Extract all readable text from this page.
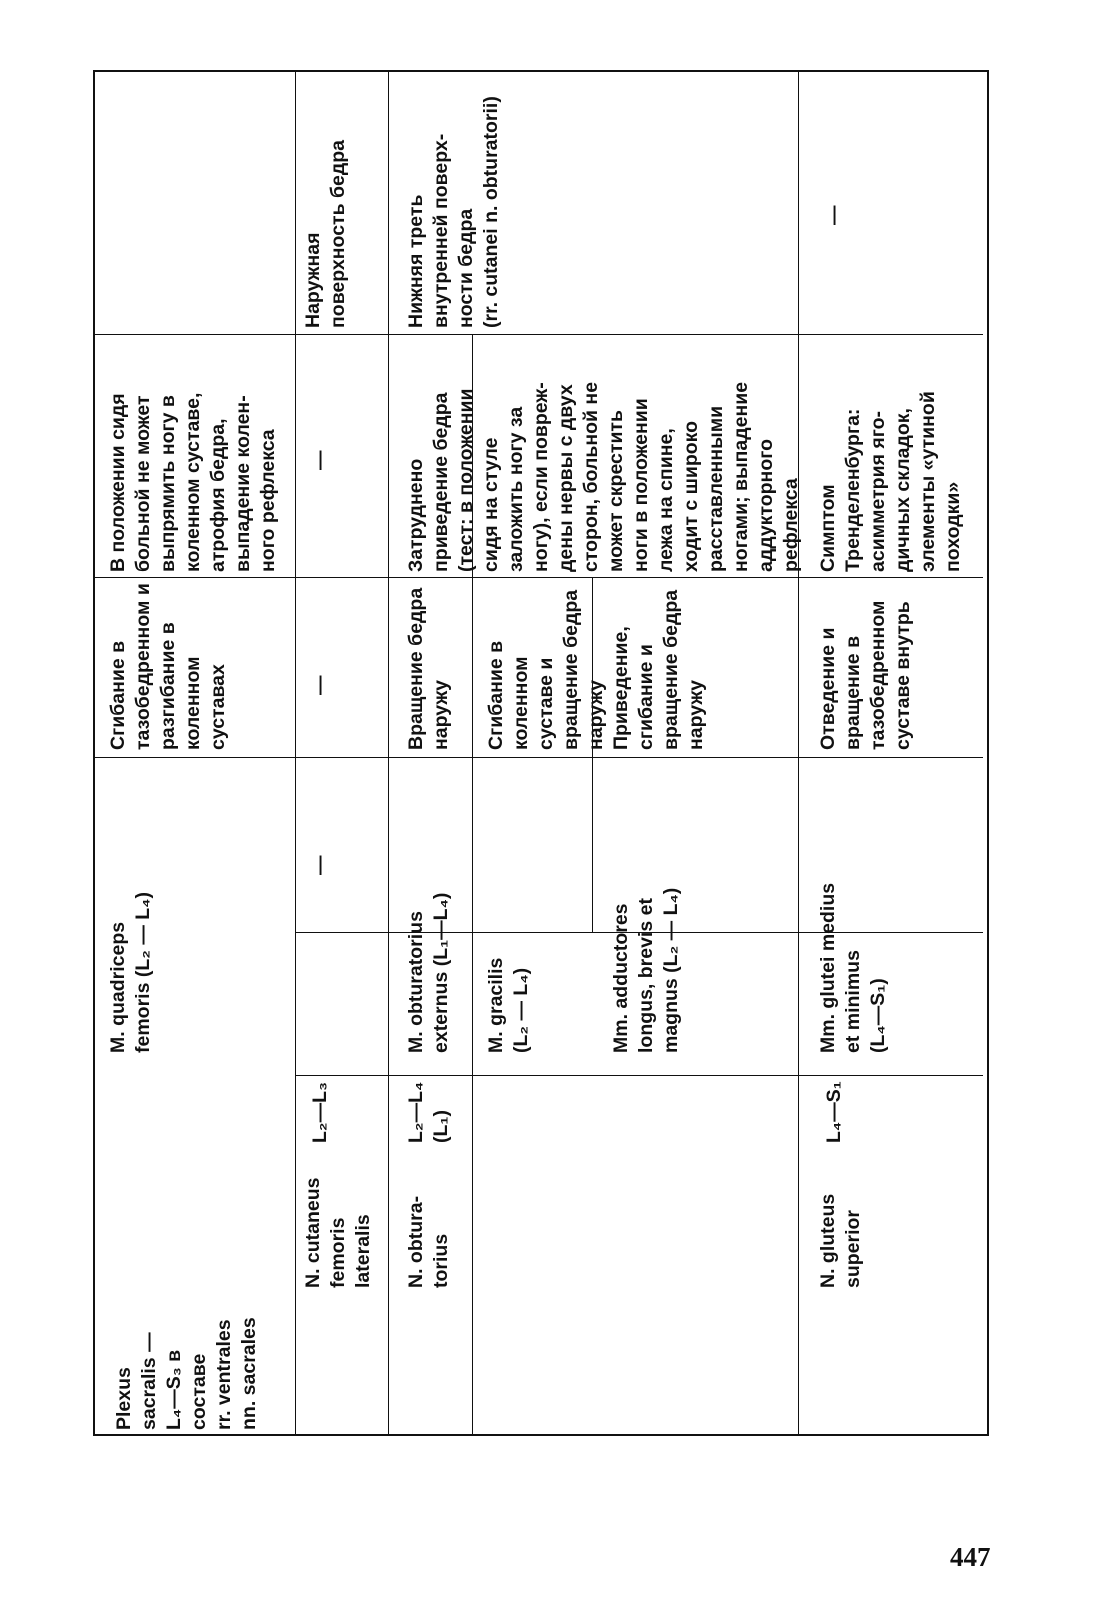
M. quadriceps
femoris (L₂ — L₄)
Сгибание в
тазобедренном и
разгибание в
коленном суставах
В положении сидя
больной не может
выпрямить ногу в
коленном суставе,
атрофия бедра,
выпадение колен-
ного рефлекса
N. cutaneus
femoris
lateralis
L₂—L₃
—
—
—
Наружная
поверхность бедра
N. obtura-
torius
L₂—L₄
(L₁)
M. obturatorius
externus (L₁—L₄)
Вращение бедра
наружу
M. gracilis
(L₂ — L₄)
Сгибание в
коленном суставе и
вращение бедра
наружу
Mm. adductores
longus, brevis et
magnus (L₂ — L₄)
Приведение,
сгибание и
вращение бедра
наружу
Затруднено
приведение бедра
(тест: в положении
сидя на стуле
заложить ногу за
ногу), если повреж-
дены нервы с двух
сторон, больной не
может скрестить
ноги в положении
лежа на спине,
ходит с широко
расставленными
ногами; выпадение
аддукторного
рефлекса
Нижняя треть
внутренней поверх-
ности бедра
(rr. cutanei n. obturatorii)
Plexus
sacralis —
L₄—S₃ в
составе
rr. ventrales
nn. sacrales
N. gluteus
superior
L₄—S₁
Mm. glutei medius
et minimus
(L₄—S₁)
Отведение и
вращение в
тазобедренном
суставе внутрь
Симптом
Тренделенбурга:
асимметрия яго-
дичных складок,
элементы «утиной
походки»
—
447
